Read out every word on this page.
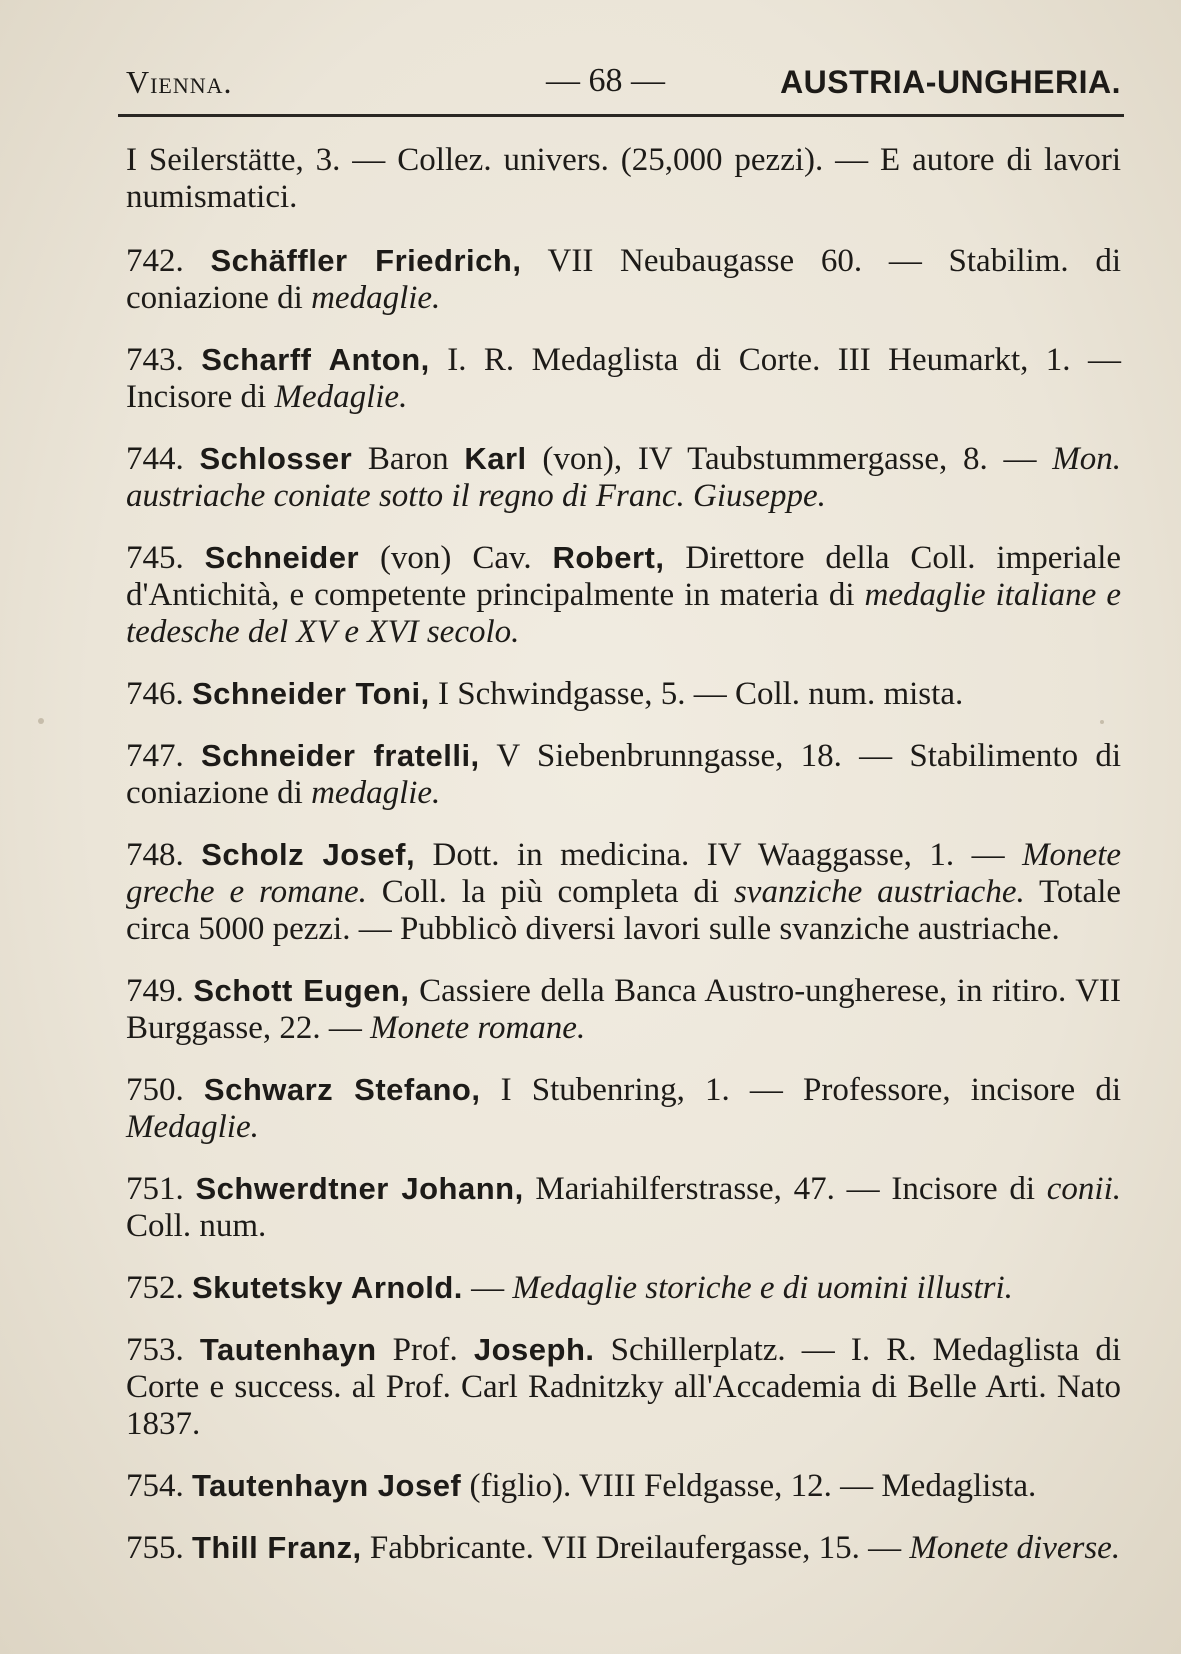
Vienna.	— 68 —	AUSTRIA-UNGHERIA.

I Seilerstätte, 3. — Collez. univers. (25,000 pezzi). — E autore di lavori numismatici.

742. Schäffler Friedrich, VII Neubaugasse 60. — Stabilim. di coniazione di medaglie.

743. Scharff Anton, I. R. Medaglista di Corte. III Heumarkt, 1. — Incisore di Medaglie.

744. Schlosser Baron Karl (von), IV Taubstummergasse, 8. — Mon. austriache coniate sotto il regno di Franc. Giuseppe.

745. Schneider (von) Cav. Robert, Direttore della Coll. imperiale d'Antichità, e competente principalmente in materia di medaglie italiane e tedesche del XV e XVI secolo.

746. Schneider Toni, I Schwindgasse, 5. — Coll. num. mista.

747. Schneider fratelli, V Siebenbrunngasse, 18. — Stabilimento di coniazione di medaglie.

748. Scholz Josef, Dott. in medicina. IV Waaggasse, 1. — Monete greche e romane. Coll. la più completa di svanziche austriache. Totale circa 5000 pezzi. — Pubblicò diversi lavori sulle svanziche austriache.

749. Schott Eugen, Cassiere della Banca Austro-ungherese, in ritiro. VII Burggasse, 22. — Monete romane.

750. Schwarz Stefano, I Stubenring, 1. — Professore, incisore di Medaglie.

751. Schwerdtner Johann, Mariahilferstrasse, 47. — Incisore di conii. Coll. num.

752. Skutetsky Arnold. — Medaglie storiche e di uomini illustri.

753. Tautenhayn Prof. Joseph. Schillerplatz. — I. R. Medaglista di Corte e success. al Prof. Carl Radnitzky all'Accademia di Belle Arti. Nato 1837.

754. Tautenhayn Josef (figlio). VIII Feldgasse, 12. — Medaglista.

755. Thill Franz, Fabbricante. VII Dreilaufergasse, 15. — Monete diverse.
